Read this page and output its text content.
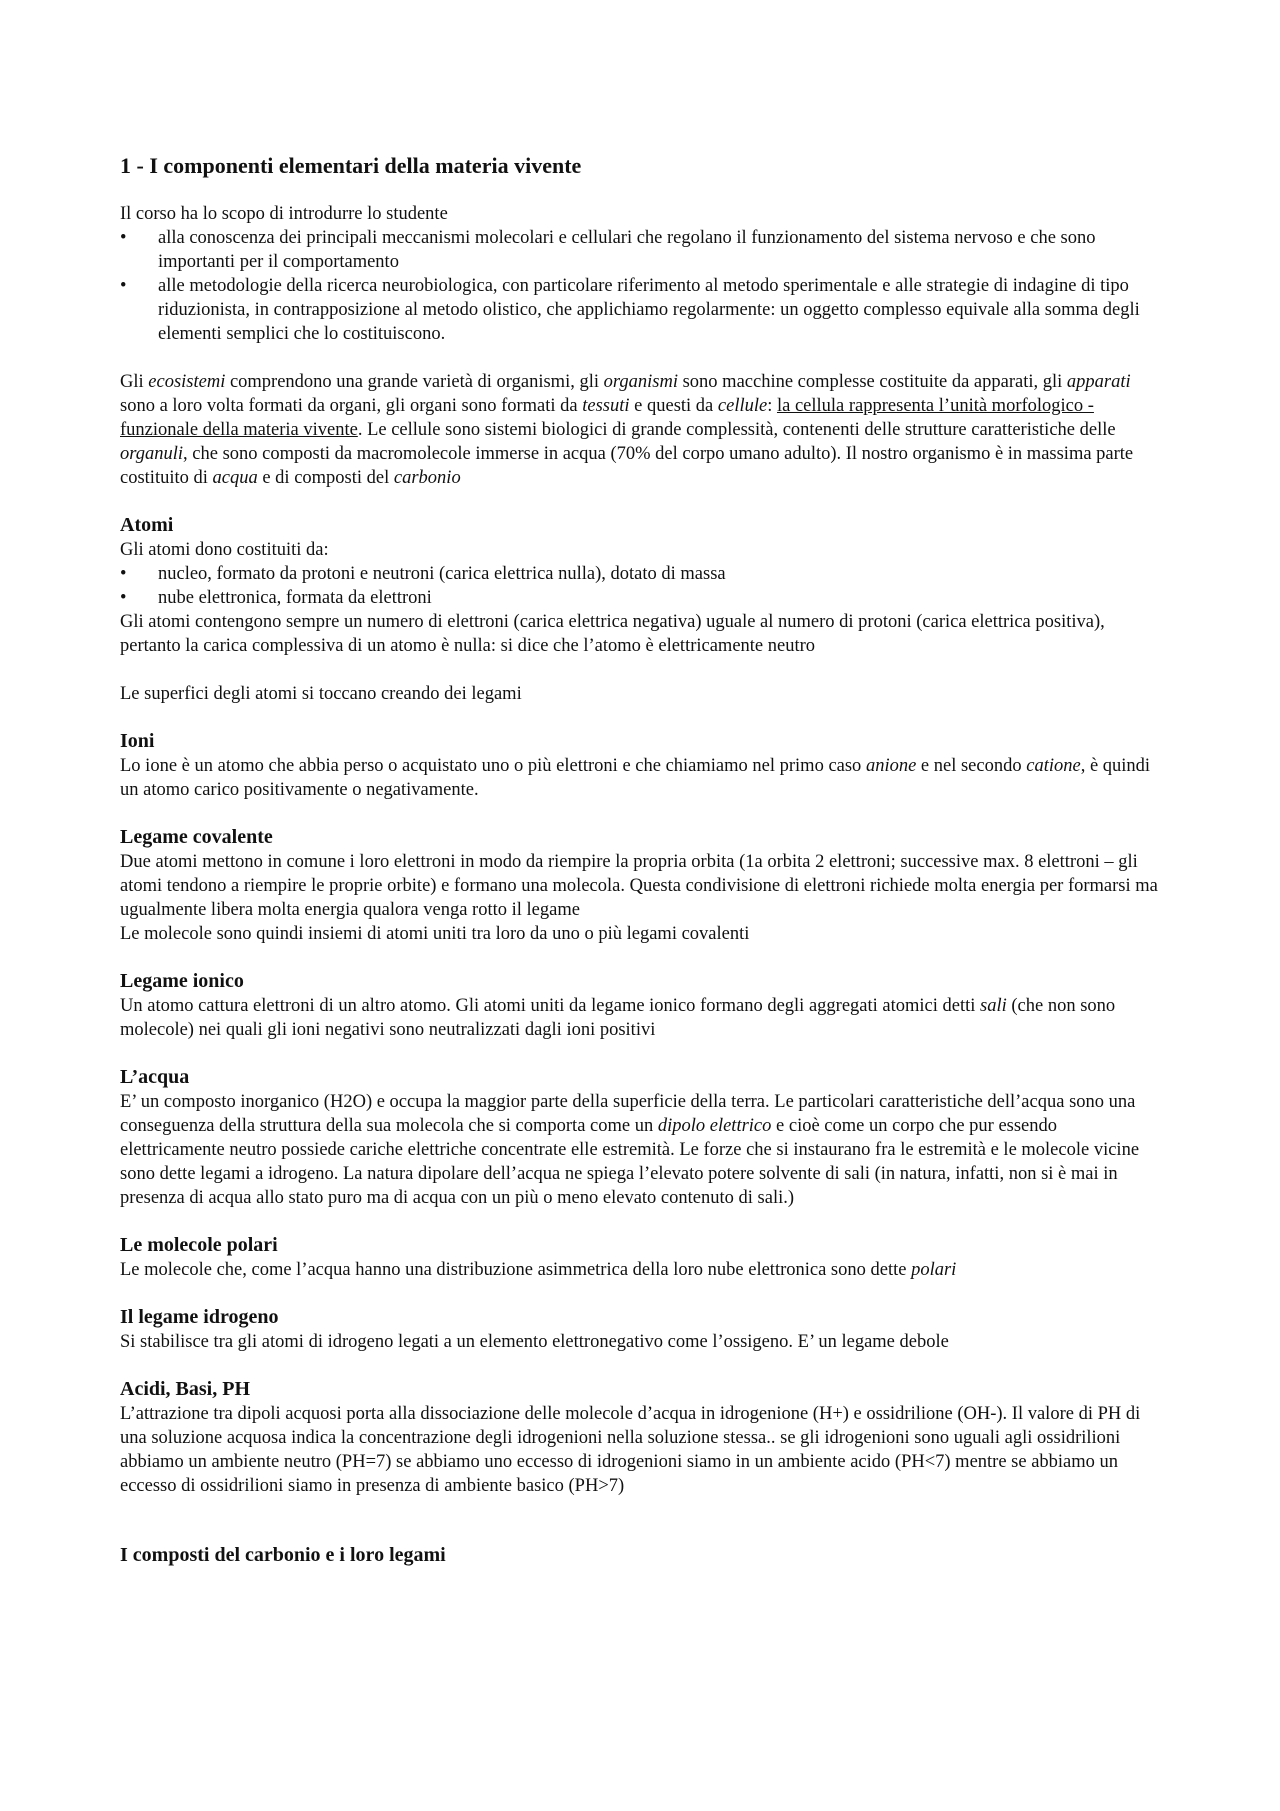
1 - I componenti elementari della materia vivente

Il corso ha lo scopo di introdurre lo studente

• alla conoscenza dei principali meccanismi molecolari e cellulari che regolano il funzionamento del sistema nervoso e che sono importanti per il comportamento
• alle metodologie della ricerca neurobiologica, con particolare riferimento al metodo sperimentale e alle strategie di indagine di tipo riduzionista, in contrapposizione al metodo olistico, che applichiamo regolarmente: un oggetto complesso equivale alla somma degli elementi semplici che lo costituiscono.

Gli ecosistemi comprendono una grande varietà di organismi, gli organismi sono macchine complesse costituite da apparati, gli apparati sono a loro volta formati da organi, gli organi sono formati da tessuti e questi da cellule: la cellula rappresenta l’unità morfologico - funzionale della materia vivente. Le cellule sono sistemi biologici di grande complessità, contenenti delle strutture caratteristiche delle organuli, che sono composti da macromolecole immerse in acqua (70% del corpo umano adulto). Il nostro organismo è in massima parte costituito di acqua e di composti del carbonio

Atomi

Gli atomi dono costituiti da:

• nucleo, formato da protoni e neutroni (carica elettrica nulla), dotato di massa
• nube elettronica, formata da elettroni

Gli atomi contengono sempre un numero di elettroni (carica elettrica negativa) uguale al numero di protoni (carica elettrica positiva), pertanto la carica complessiva di un atomo è nulla: si dice che l’atomo è elettricamente neutro

Le superfici degli atomi si toccano creando dei legami

Ioni

Lo ione è un atomo che abbia perso o acquistato uno o più elettroni e che chiamiamo nel primo caso anione e nel secondo catione, è quindi un atomo carico positivamente o negativamente.

Legame covalente

Due atomi mettono in comune i loro elettroni in modo da riempire la propria orbita (1a orbita 2 elettroni; successive max. 8 elettroni – gli atomi tendono a riempire le proprie orbite) e formano una molecola. Questa condivisione di elettroni richiede molta energia per formarsi ma ugualmente libera molta energia qualora venga rotto il legame

Le molecole sono quindi insiemi di atomi uniti tra loro da uno o più legami covalenti

Legame ionico

Un atomo cattura elettroni di un altro atomo. Gli atomi uniti da legame ionico formano degli aggregati atomici detti sali (che non sono molecole) nei quali gli ioni negativi sono neutralizzati dagli ioni positivi

L’acqua

E’ un composto inorganico (H2O) e occupa la maggior parte della superficie della terra. Le particolari caratteristiche dell’acqua sono una conseguenza della struttura della sua molecola che si comporta come un dipolo elettrico e cioè come un corpo che pur essendo elettricamente neutro possiede cariche elettriche concentrate elle estremità. Le forze che si instaurano fra le estremità e le molecole vicine sono dette legami a idrogeno. La natura dipolare dell’acqua ne spiega l’elevato potere solvente di sali (in natura, infatti, non si è mai in presenza di acqua allo stato puro ma di acqua con un più o meno elevato contenuto di sali.)

Le molecole polari

Le molecole che, come l’acqua hanno una distribuzione asimmetrica della loro nube elettronica sono dette polari

Il legame idrogeno

Si stabilisce tra gli atomi di idrogeno legati a un elemento elettronegativo come l’ossigeno. E’ un legame debole

Acidi, Basi, PH

L’attrazione tra dipoli acquosi porta alla dissociazione delle molecole d’acqua in idrogenione (H+) e ossidrilione (OH-). Il valore di PH di una soluzione acquosa indica la concentrazione degli idrogenioni nella soluzione stessa.. se gli idrogenioni sono uguali agli ossidrilioni abbiamo un ambiente neutro (PH=7) se abbiamo uno eccesso di idrogenioni siamo in un ambiente acido (PH<7) mentre se abbiamo un eccesso di ossidrilioni siamo in presenza di ambiente basico (PH>7)

I composti del carbonio e i loro legami
